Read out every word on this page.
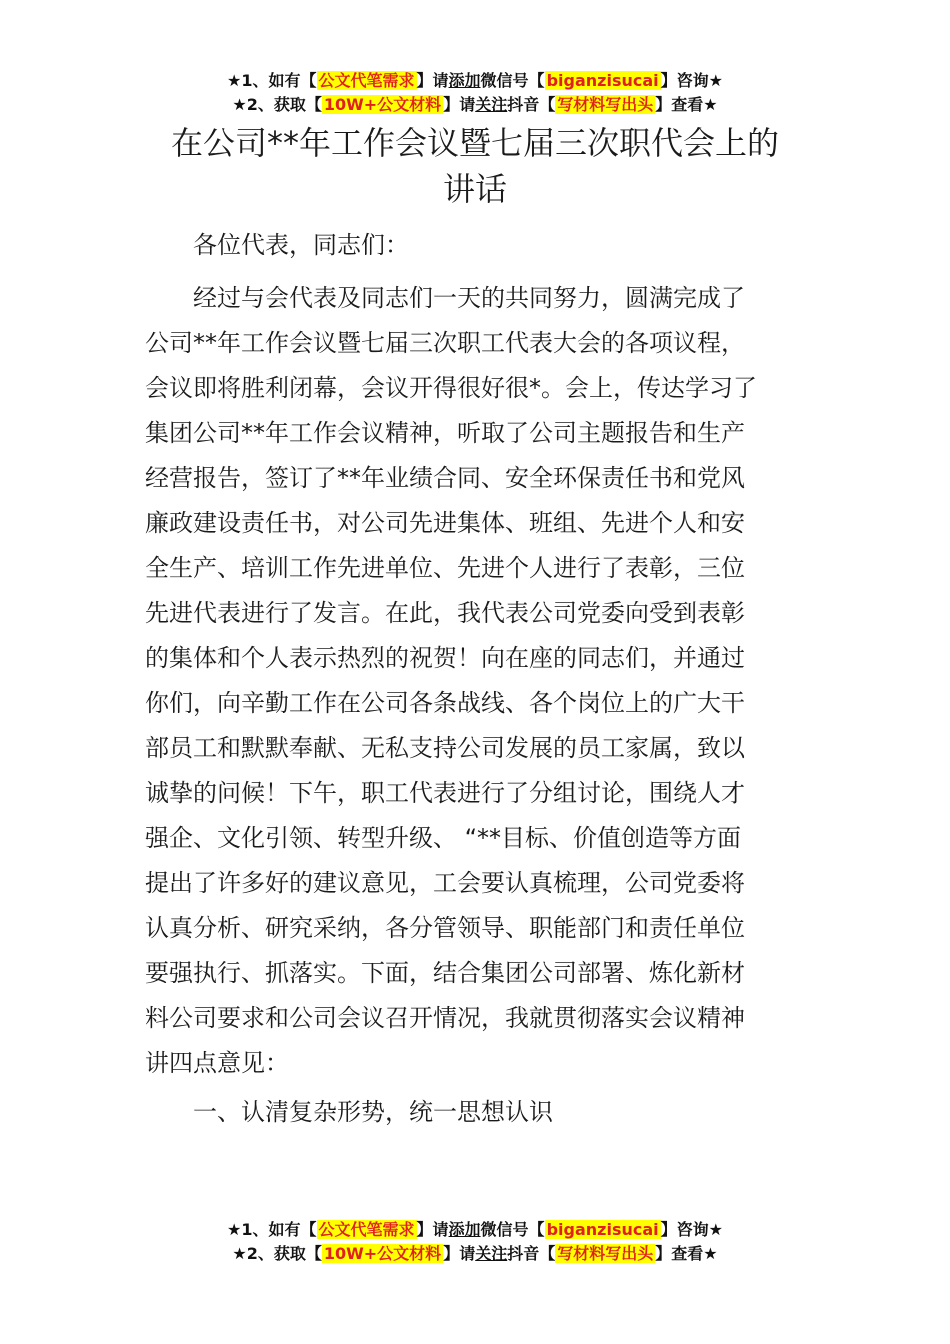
★1、如有【 公文代笔需求 】请添加微信号【 biganzisucai 】咨询★
★2、获取【 10W+公文材料 】请关注抖音【 写材料写出头 】查看★
在公司**年工作会议暨七届三次职代会上的
讲话
各位代表，同志们：
经过与会代表及同志们一天的共同努力，圆满完成了
公司**年工作会议暨七届三次职工代表大会的各项议程，
会议即将胜利闭幕，会议开得很好很*。会上，传达学习了
集团公司**年工作会议精神，听取了公司主题报告和生产
经营报告，签订了**年业绩合同、安全环保责任书和党风
廉政建设责任书，对公司先进集体、班组、先进个人和安
全生产、培训工作先进单位、先进个人进行了表彰，三位
先进代表进行了发言。在此，我代表公司党委向受到表彰
的集体和个人表示热烈的祝贺！向在座的同志们，并通过
你们，向辛勤工作在公司各条战线、各个岗位上的广大干
部员工和默默奉献、无私支持公司发展的员工家属，致以
诚挚的问候！下午，职工代表进行了分组讨论，围绕人才
强企、文化引领、转型升级、 “**目标、价值创造等方面
提出了许多好的建议意见，工会要认真梳理，公司党委将
认真分析、研究采纳，各分管领导、职能部门和责任单位
要强执行、抓落实。下面，结合集团公司部署、炼化新材
料公司要求和公司会议召开情况，我就贯彻落实会议精神
讲四点意见：
一、认清复杂形势，统一思想认识
★1、如有【 公文代笔需求 】请添加微信号【 biganzisucai 】咨询★
★2、获取【 10W+公文材料 】请关注抖音【 写材料写出头 】查看★
